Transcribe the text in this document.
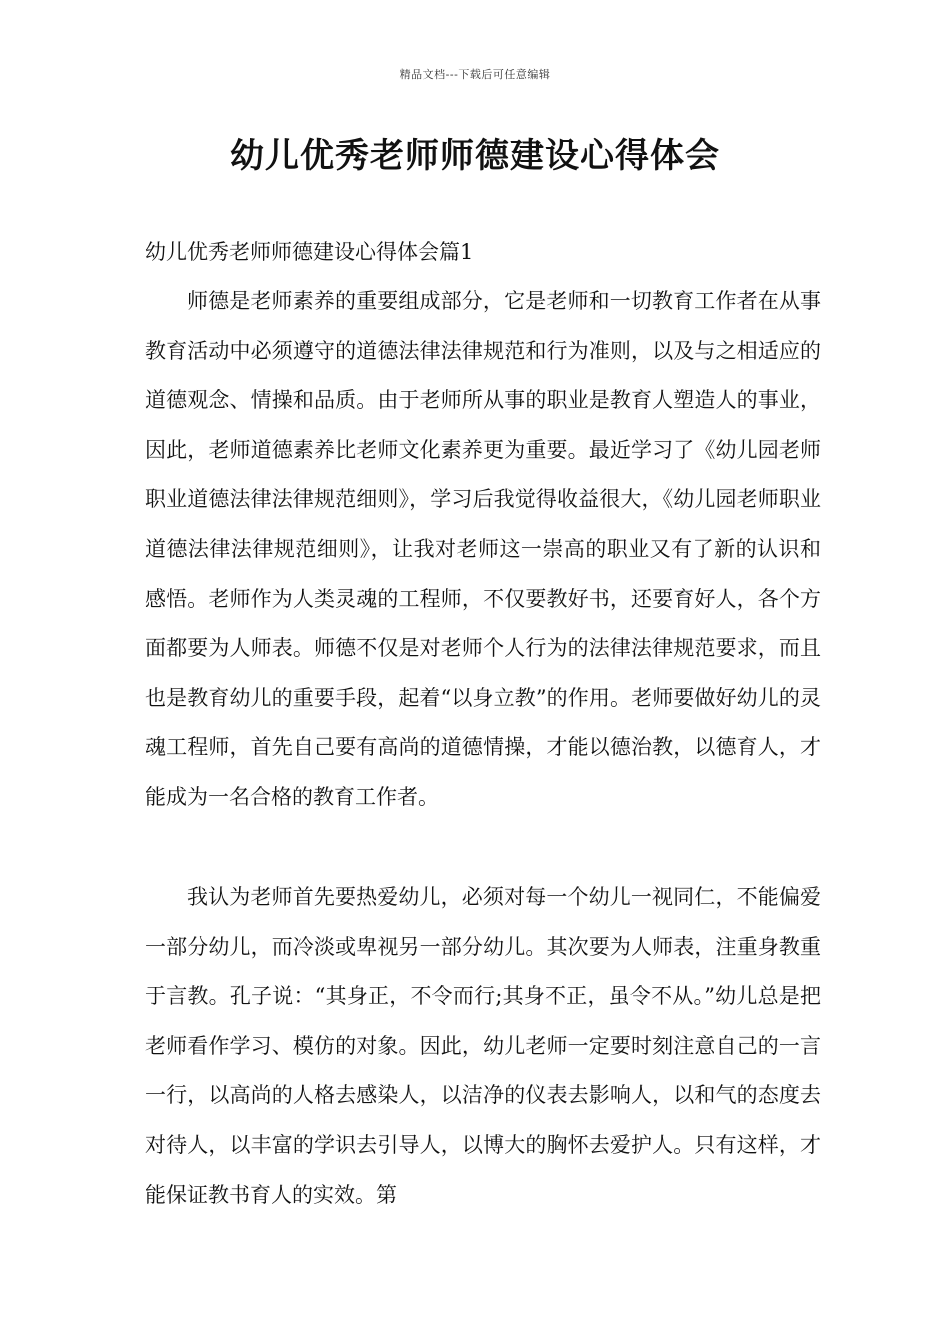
精品文档---下载后可任意编辑
幼儿优秀老师师德建设心得体会
幼儿优秀老师师德建设心得体会篇1

师德是老师素养的重要组成部分，它是老师和一切教育工作者在从事教育活动中必须遵守的道德法律法律规范和行为准则，以及与之相适应的道德观念、情操和品质。由于老师所从事的职业是教育人塑造人的事业，因此，老师道德素养比老师文化素养更为重要。最近学习了《幼儿园老师职业道德法律法律规范细则》，学习后我觉得收益很大，《幼儿园老师职业道德法律法律规范细则》，让我对老师这一崇高的职业又有了新的认识和感悟。老师作为人类灵魂的工程师，不仅要教好书，还要育好人，各个方面都要为人师表。师德不仅是对老师个人行为的法律法律规范要求，而且也是教育幼儿的重要手段，起着“以身立教”的作用。老师要做好幼儿的灵魂工程师，首先自己要有高尚的道德情操，才能以德治教，以德育人，才能成为一名合格的教育工作者。

我认为老师首先要热爱幼儿，必须对每一个幼儿一视同仁，不能偏爱一部分幼儿，而冷淡或卑视另一部分幼儿。其次要为人师表，注重身教重于言教。孔子说：“其身正，不令而行;其身不正，虽令不从。”幼儿总是把老师看作学习、模仿的对象。因此，幼儿老师一定要时刻注意自己的一言一行，以高尚的人格去感染人，以洁净的仪表去影响人，以和气的态度去对待人，以丰富的学识去引导人，以博大的胸怀去爱护人。只有这样，才能保证教书育人的实效。第
